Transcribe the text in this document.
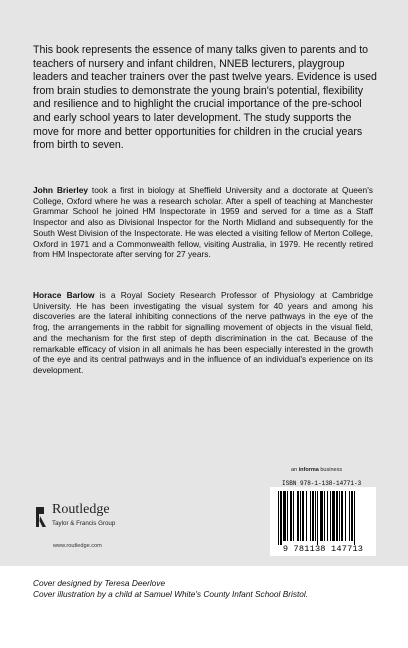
This book represents the essence of many talks given to parents and to teachers of nursery and infant children, NNEB lecturers, playgroup leaders and teacher trainers over the past twelve years. Evidence is used from brain studies to demonstrate the young brain's potential, flexibility and resilience and to highlight the crucial importance of the pre-school and early school years to later development. The study supports the move for more and better opportunities for children in the crucial years from birth to seven.

John Brierley took a first in biology at Sheffield University and a doctorate at Queen's College, Oxford where he was a research scholar. After a spell of teaching at Manchester Grammar School he joined HM Inspectorate in 1959 and served for a time as a Staff Inspector and also as Divisional Inspector for the North Midland and subsequently for the South West Division of the Inspectorate. He was elected a visiting fellow of Merton College, Oxford in 1971 and a Commonwealth fellow, visiting Australia, in 1979. He recently retired from HM Inspectorate after serving for 27 years.

Horace Barlow is a Royal Society Research Professor of Physiology at Cambridge University. He has been investigating the visual system for 40 years and among his discoveries are the lateral inhibiting connections of the nerve pathways in the eye of the frog, the arrangements in the rabbit for signalling movement of objects in the visual field, and the mechanism for the first step of depth discrimination in the cat. Because of the remarkable efficacy of vision in all animals he has been especially interested in the growth of the eye and its central pathways and in the influence of an individual's experience on its development.

an informa business
ISBN 978-1-138-14771-3
9 781138 147713
Routledge
Taylor & Francis Group
www.routledge.com
Cover designed by Teresa Deerlove
Cover illustration by a child at Samuel White's County Infant School Bristol.
